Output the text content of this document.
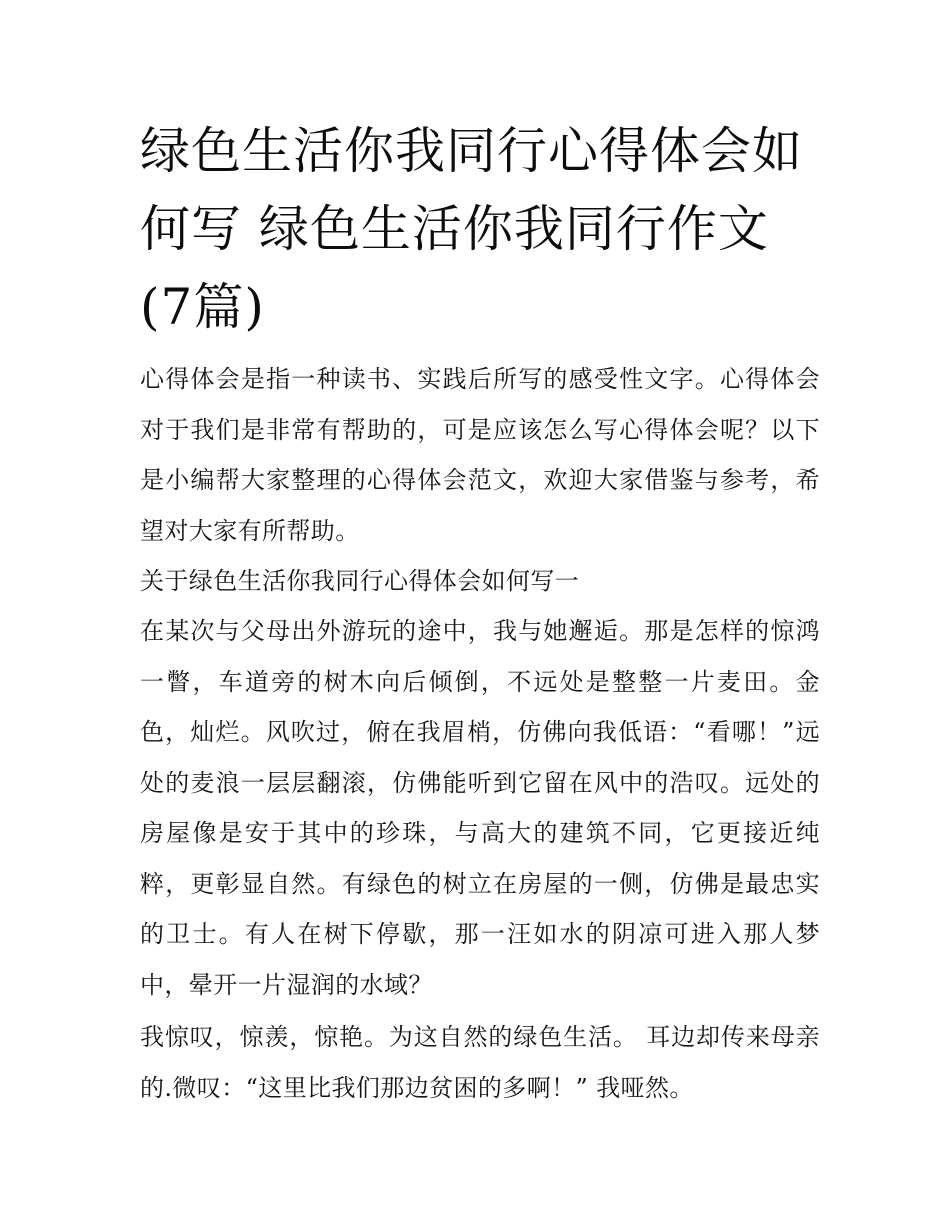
绿色生活你我同行心得体会如何写 绿色生活你我同行作文(7篇)

心得体会是指一种读书、实践后所写的感受性文字。心得体会对于我们是非常有帮助的，可是应该怎么写心得体会呢？以下是小编帮大家整理的心得体会范文，欢迎大家借鉴与参考，希望对大家有所帮助。

关于绿色生活你我同行心得体会如何写一

在某次与父母出外游玩的途中，我与她邂逅。那是怎样的惊鸿一瞥，车道旁的树木向后倾倒，不远处是整整一片麦田。金色，灿烂。风吹过，俯在我眉梢，仿佛向我低语：“看哪！”远处的麦浪一层层翻滚，仿佛能听到它留在风中的浩叹。远处的房屋像是安于其中的珍珠，与高大的建筑不同，它更接近纯粹，更彰显自然。有绿色的树立在房屋的一侧，仿佛是最忠实的卫士。有人在树下停歇，那一汪如水的阴凉可进入那人梦中，晕开一片湿润的水域？

我惊叹，惊羡，惊艳。为这自然的绿色生活。 耳边却传来母亲的.微叹：“这里比我们那边贫困的多啊！” 我哑然。
